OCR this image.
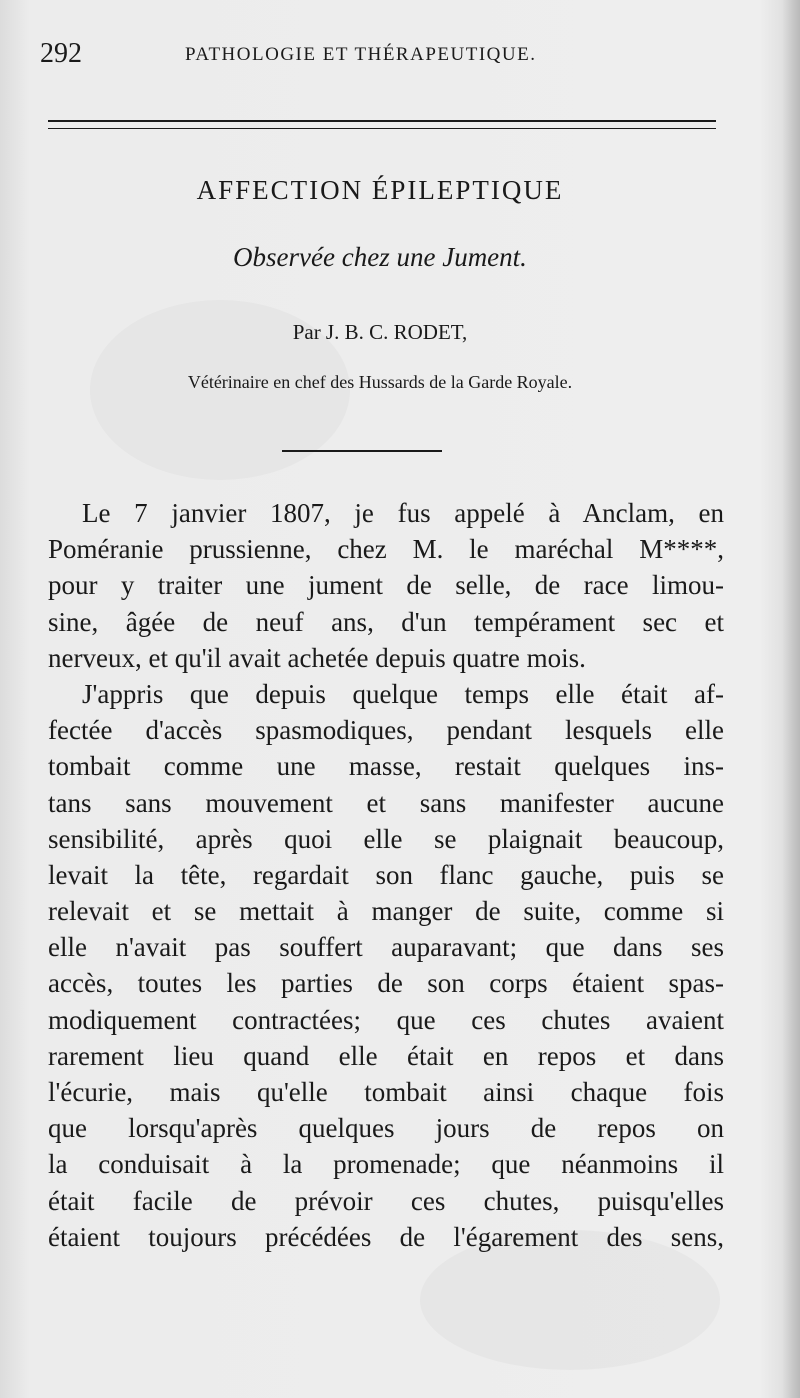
292	PATHOLOGIE ET THÉRAPEUTIQUE.
AFFECTION ÉPILEPTIQUE
Observée chez une Jument.
Par J. B. C. RODET,
Vétérinaire en chef des Hussards de la Garde Royale.
Le 7 janvier 1807, je fus appelé à Anclam, en
Poméranie prussienne, chez M. le maréchal M****,
pour y traiter une jument de selle, de race limou-
sine, âgée de neuf ans, d'un tempérament sec et
nerveux, et qu'il avait achetée depuis quatre mois.
J'appris que depuis quelque temps elle était af-
fectée d'accès spasmodiques, pendant lesquels elle
tombait comme une masse, restait quelques ins-
tans sans mouvement et sans manifester aucune
sensibilité, après quoi elle se plaignait beaucoup,
levait la tête, regardait son flanc gauche, puis se
relevait et se mettait à manger de suite, comme si
elle n'avait pas souffert auparavant; que dans ses
accès, toutes les parties de son corps étaient spas-
modiquement contractées; que ces chutes avaient
rarement lieu quand elle était en repos et dans
l'écurie, mais qu'elle tombait ainsi chaque fois
que lorsqu'après quelques jours de repos on
la conduisait à la promenade; que néanmoins il
était facile de prévoir ces chutes, puisqu'elles
étaient toujours précédées de l'égarement des sens,
